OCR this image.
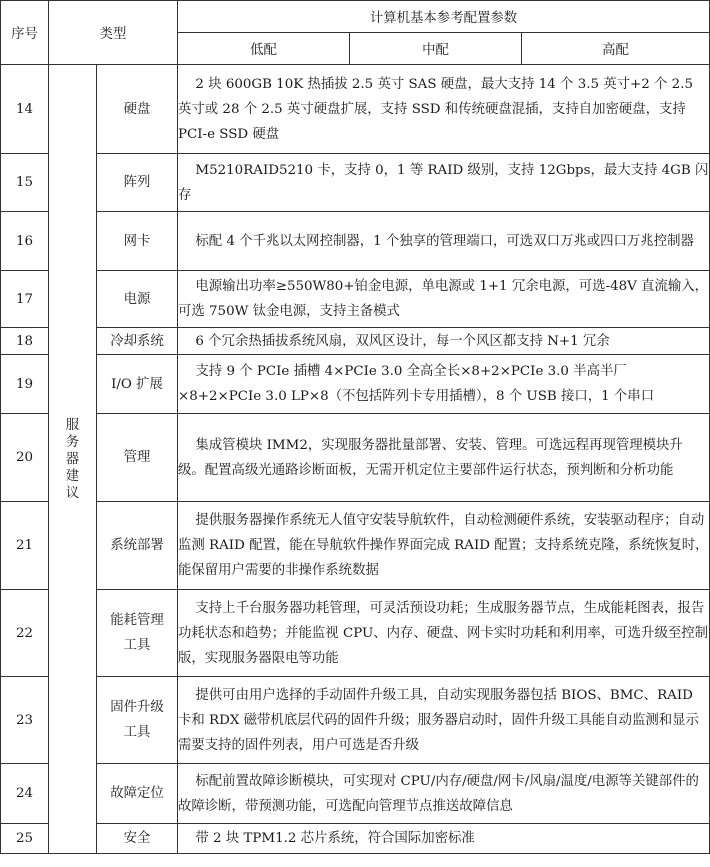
序号	类型		计算机基本参考配置参数		
			低配	中配	高配
14	服务器建议	硬盘	2 块 600GB 10K 热插拔 2.5 英寸 SAS 硬盘，最大支持 14 个 3.5 英寸+2 个 2.5 英寸或 28 个 2.5 英寸硬盘扩展，支持 SSD 和传统硬盘混插，支持自加密硬盘，支持 PCI-e SSD 硬盘		
15		阵列	M5210RAID5210 卡，支持 0，1 等 RAID 级别，支持 12Gbps，最大支持 4GB 闪存		
16		网卡	标配 4 个千兆以太网控制器，1 个独享的管理端口，可选双口万兆或四口万兆控制器		
17		电源	电源输出功率≥550W80+铂金电源，单电源或 1+1 冗余电源，可选-48V 直流输入，可选 750W 钛金电源，支持主备模式		
18		冷却系统	6 个冗余热插拔系统风扇，双风区设计，每一个风区都支持 N+1 冗余		
19		I/O 扩展	支持 9 个 PCIe 插槽 4×PCIe 3.0 全高全长×8+2×PCIe 3.0 半高半厂×8+2×PCIe 3.0 LP×8（不包括阵列卡专用插槽），8 个 USB 接口，1 个串口		
20		管理	集成管模块 IMM2，实现服务器批量部署、安装、管理。可选远程再现管理模块升级。配置高级光通路诊断面板，无需开机定位主要部件运行状态，预判断和分析功能		
21		系统部署	提供服务器操作系统无人值守安装导航软件，自动检测硬件系统，安装驱动程序；自动监测 RAID 配置，能在导航软件操作界面完成 RAID 配置；支持系统克隆，系统恢复时，能保留用户需要的非操作系统数据		
22		能耗管理工具	支持上千台服务器功耗管理，可灵活预设功耗；生成服务器节点，生成能耗图表，报告功耗状态和趋势；并能监视 CPU、内存、硬盘、网卡实时功耗和利用率，可选升级至控制版，实现服务器限电等功能		
23		固件升级工具	提供可由用户选择的手动固件升级工具，自动实现服务器包括 BIOS、BMC、RAID 卡和 RDX 磁带机底层代码的固件升级；服务器启动时，固件升级工具能自动监测和显示需要支持的固件列表，用户可选是否升级		
24		故障定位	标配前置故障诊断模块，可实现对 CPU/内存/硬盘/网卡/风扇/温度/电源等关键部件的故障诊断，带预测功能，可选配向管理节点推送故障信息		
25		安全	带 2 块 TPM1.2 芯片系统，符合国际加密标准		
